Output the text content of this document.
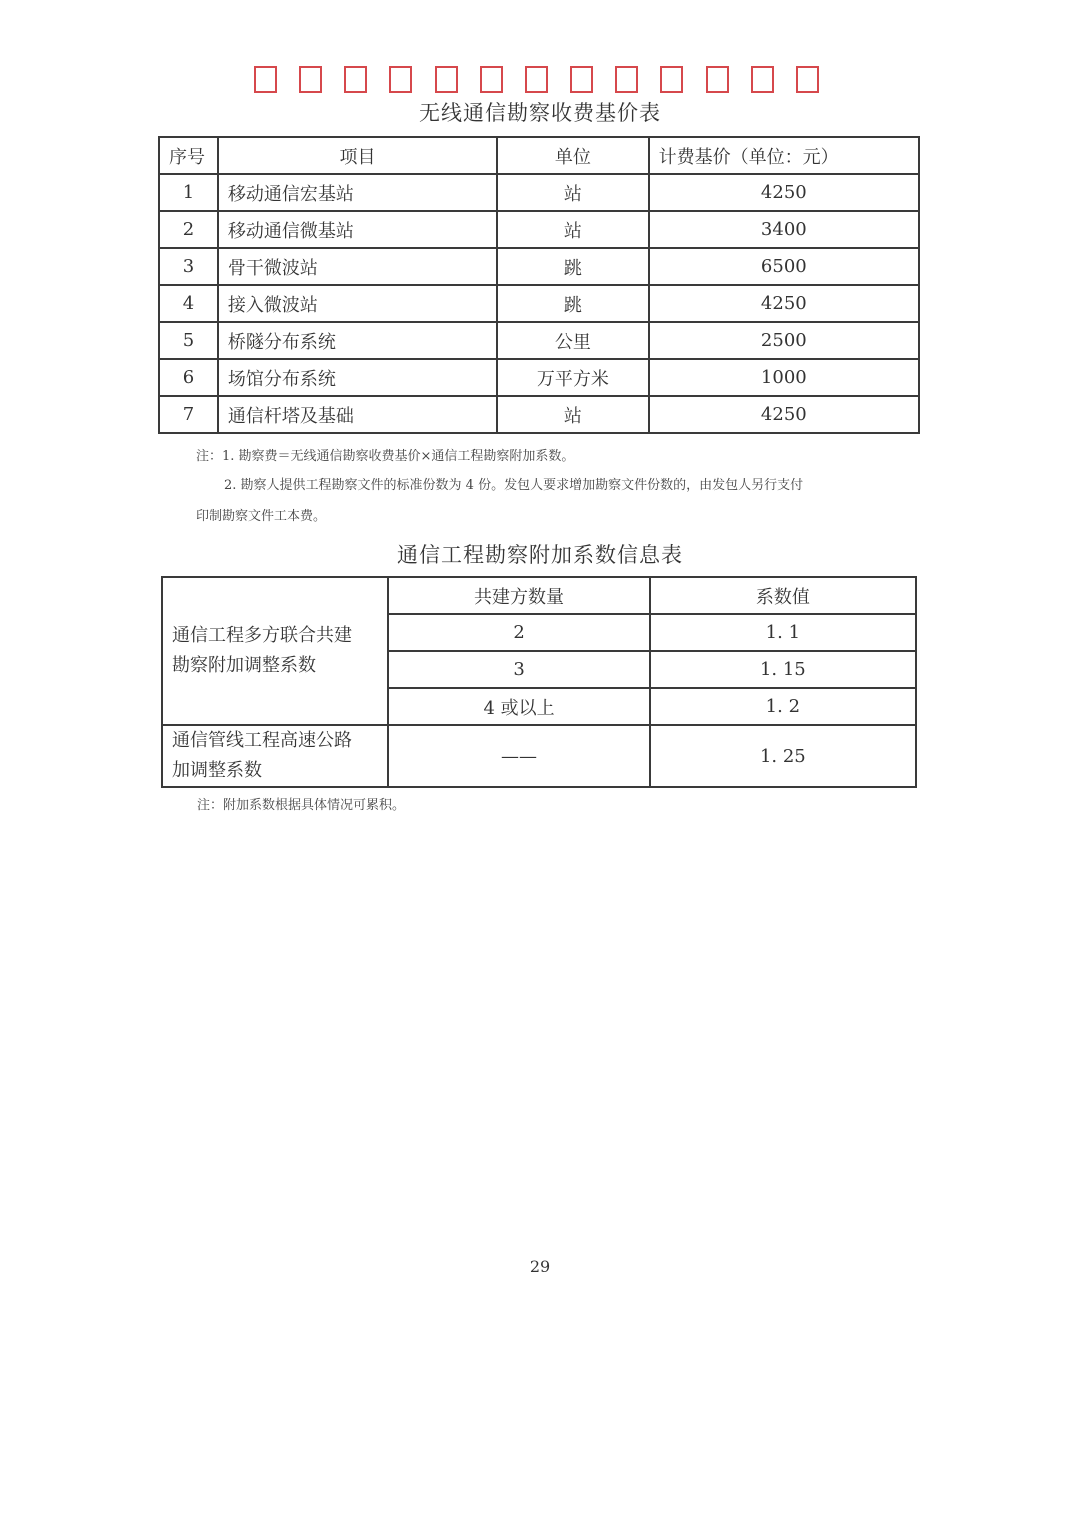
无线通信勘察收费基价表
序号	项目	单位	计费基价（单位：元）
1	移动通信宏基站	站	4250
2	移动通信微基站	站	3400
3	骨干微波站	跳	6500
4	接入微波站	跳	4250
5	桥隧分布系统	公里	2500
6	场馆分布系统	万平方米	1000
7	通信杆塔及基础	站	4250
注：1. 勘察费＝无线通信勘察收费基价×通信工程勘察附加系数。
2. 勘察人提供工程勘察文件的标准份数为 4 份。发包人要求增加勘察文件份数的，由发包人另行支付
印制勘察文件工本费。
通信工程勘察附加系数信息表
通信工程多方联合共建
勘察附加调整系数	共建方数量	系数值
	2	1. 1
	3	1. 15
	4 或以上	1. 2

通信管线工程高速公路
加调整系数	——	1. 25
注：附加系数根据具体情况可累积。
29
